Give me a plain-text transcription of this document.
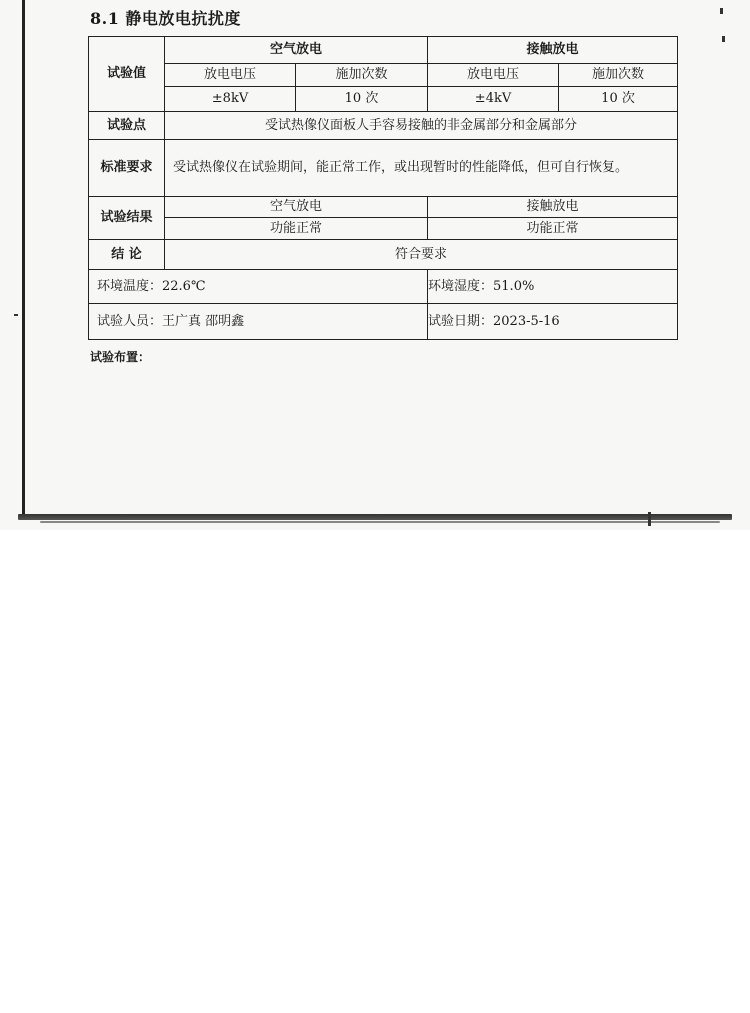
8.1 静电放电抗扰度
试验值	空气放电		接触放电	
	放电电压	施加次数	放电电压	施加次数
	±8kV	10 次	±4kV	10 次
试验点	受试热像仪面板人手容易接触的非金属部分和金属部分			
标准要求	受试热像仪在试验期间，能正常工作，或出现暂时的性能降低，但可自行恢复。			
试验结果	空气放电		接触放电	
	功能正常		功能正常	
结 论	符合要求			
环境温度：22.6℃			环境湿度：51.0%	
试验人员：王广真 邵明鑫			试验日期：2023-5-16	
试验布置：
